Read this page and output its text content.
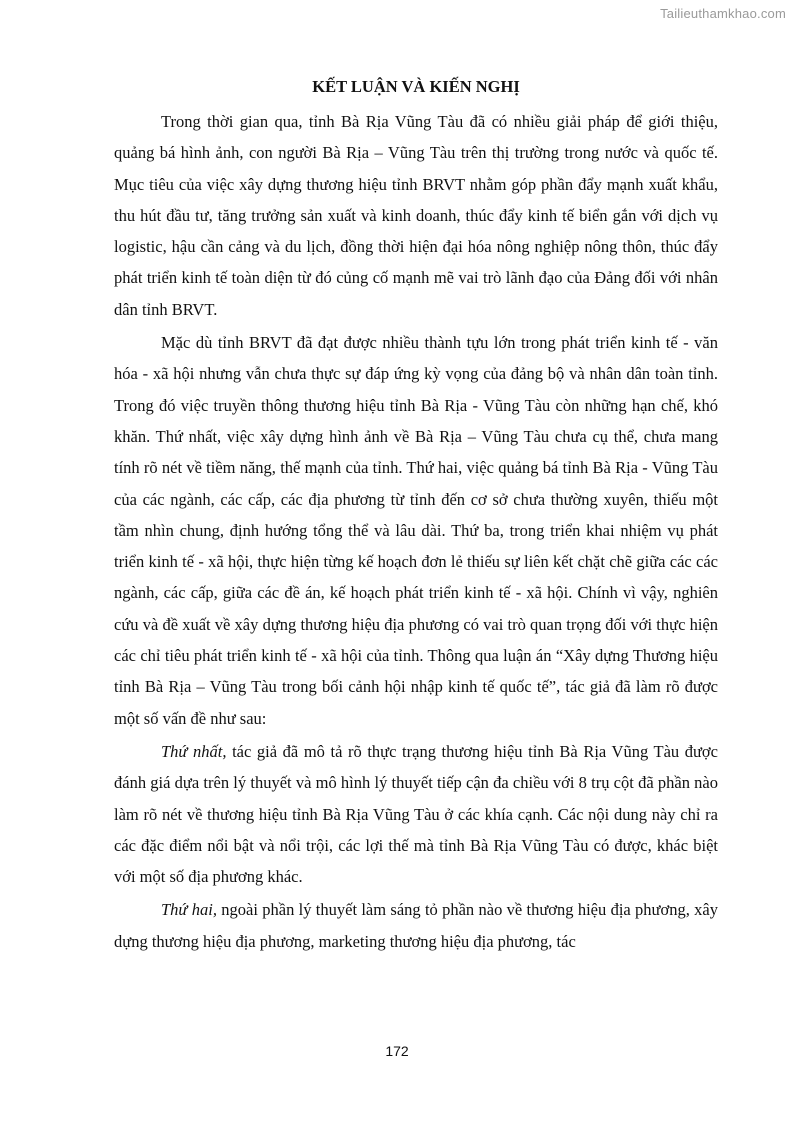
Tailieuthamkhao.com
KẾT LUẬN VÀ KIẾN NGHỊ

Trong thời gian qua, tỉnh Bà Rịa Vũng Tàu đã có nhiều giải pháp để giới thiệu, quảng bá hình ảnh, con người Bà Rịa – Vũng Tàu trên thị trường trong nước và quốc tế. Mục tiêu của việc xây dựng thương hiệu tỉnh BRVT nhằm góp phần đẩy mạnh xuất khẩu, thu hút đầu tư, tăng trưởng sản xuất và kinh doanh, thúc đẩy kinh tế biển gắn với dịch vụ logistic, hậu cần cảng và du lịch, đồng thời hiện đại hóa nông nghiệp nông thôn, thúc đẩy phát triển kinh tế toàn diện từ đó củng cố mạnh mẽ vai trò lãnh đạo của Đảng đối với nhân dân tỉnh BRVT.

Mặc dù tỉnh BRVT đã đạt được nhiều thành tựu lớn trong phát triển kinh tế - văn hóa - xã hội nhưng vẫn chưa thực sự đáp ứng kỳ vọng của đảng bộ và nhân dân toàn tỉnh. Trong đó việc truyền thông thương hiệu tỉnh Bà Rịa - Vũng Tàu còn những hạn chế, khó khăn. Thứ nhất, việc xây dựng hình ảnh về Bà Rịa – Vũng Tàu chưa cụ thể, chưa mang tính rõ nét về tiềm năng, thế mạnh của tỉnh. Thứ hai, việc quảng bá tỉnh Bà Rịa - Vũng Tàu của các ngành, các cấp, các địa phương từ tỉnh đến cơ sở chưa thường xuyên, thiếu một tầm nhìn chung, định hướng tổng thể và lâu dài. Thứ ba, trong triển khai nhiệm vụ phát triển kinh tế - xã hội, thực hiện từng kế hoạch đơn lẻ thiếu sự liên kết chặt chẽ giữa các các ngành, các cấp, giữa các đề án, kế hoạch phát triển kinh tế - xã hội. Chính vì vậy, nghiên cứu và đề xuất về xây dựng thương hiệu địa phương có vai trò quan trọng đối với thực hiện các chỉ tiêu phát triển kinh tế - xã hội của tỉnh. Thông qua luận án “Xây dựng Thương hiệu tỉnh Bà Rịa – Vũng Tàu trong bối cảnh hội nhập kinh tế quốc tế”, tác giả đã làm rõ được một số vấn đề như sau:

Thứ nhất, tác giả đã mô tả rõ thực trạng thương hiệu tỉnh Bà Rịa Vũng Tàu được đánh giá dựa trên lý thuyết và mô hình lý thuyết tiếp cận đa chiều với 8 trụ cột đã phần nào làm rõ nét về thương hiệu tỉnh Bà Rịa Vũng Tàu ở các khía cạnh. Các nội dung này chỉ ra các đặc điểm nổi bật và nổi trội, các lợi thế mà tỉnh Bà Rịa Vũng Tàu có được, khác biệt với một số địa phương khác.

Thứ hai, ngoài phần lý thuyết làm sáng tỏ phần nào về thương hiệu địa phương, xây dựng thương hiệu địa phương, marketing thương hiệu địa phương, tác

172
